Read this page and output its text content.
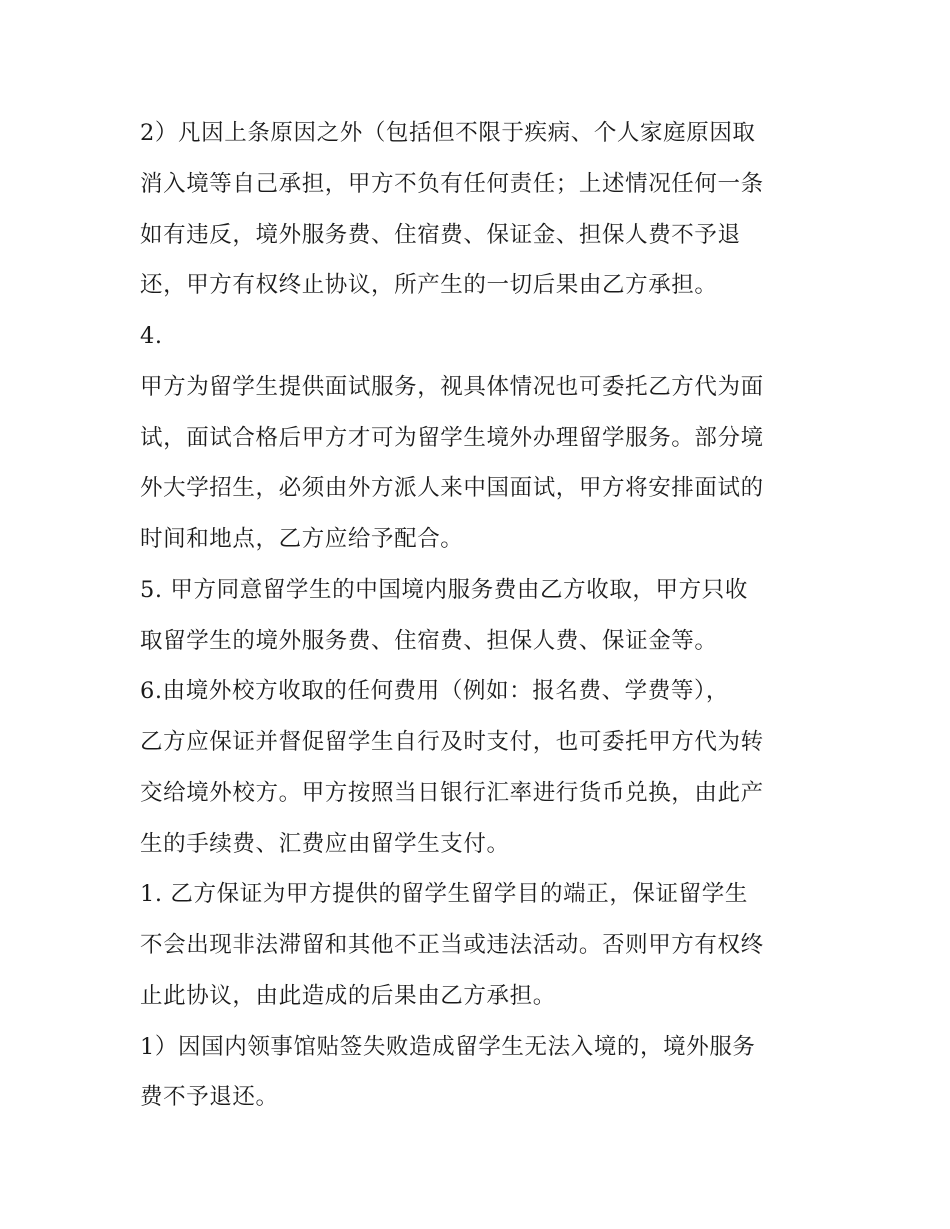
2）凡因上条原因之外（包括但不限于疾病、个人家庭原因取
消入境等自己承担，甲方不负有任何责任；上述情况任何一条
如有违反，境外服务费、住宿费、保证金、担保人费不予退
还，甲方有权终止协议，所产生的一切后果由乙方承担。

4.

甲方为留学生提供面试服务，视具体情况也可委托乙方代为面
试，面试合格后甲方才可为留学生境外办理留学服务。部分境
外大学招生，必须由外方派人来中国面试，甲方将安排面试的
时间和地点，乙方应给予配合。

5. 甲方同意留学生的中国境内服务费由乙方收取，甲方只收
取留学生的境外服务费、住宿费、担保人费、保证金等。

6.由境外校方收取的任何费用（例如：报名费、学费等），
乙方应保证并督促留学生自行及时支付，也可委托甲方代为转
交给境外校方。甲方按照当日银行汇率进行货币兑换，由此产
生的手续费、汇费应由留学生支付。

1. 乙方保证为甲方提供的留学生留学目的端正，保证留学生
不会出现非法滞留和其他不正当或违法活动。否则甲方有权终
止此协议，由此造成的后果由乙方承担。

1）因国内领事馆贴签失败造成留学生无法入境的，境外服务
费不予退还。
